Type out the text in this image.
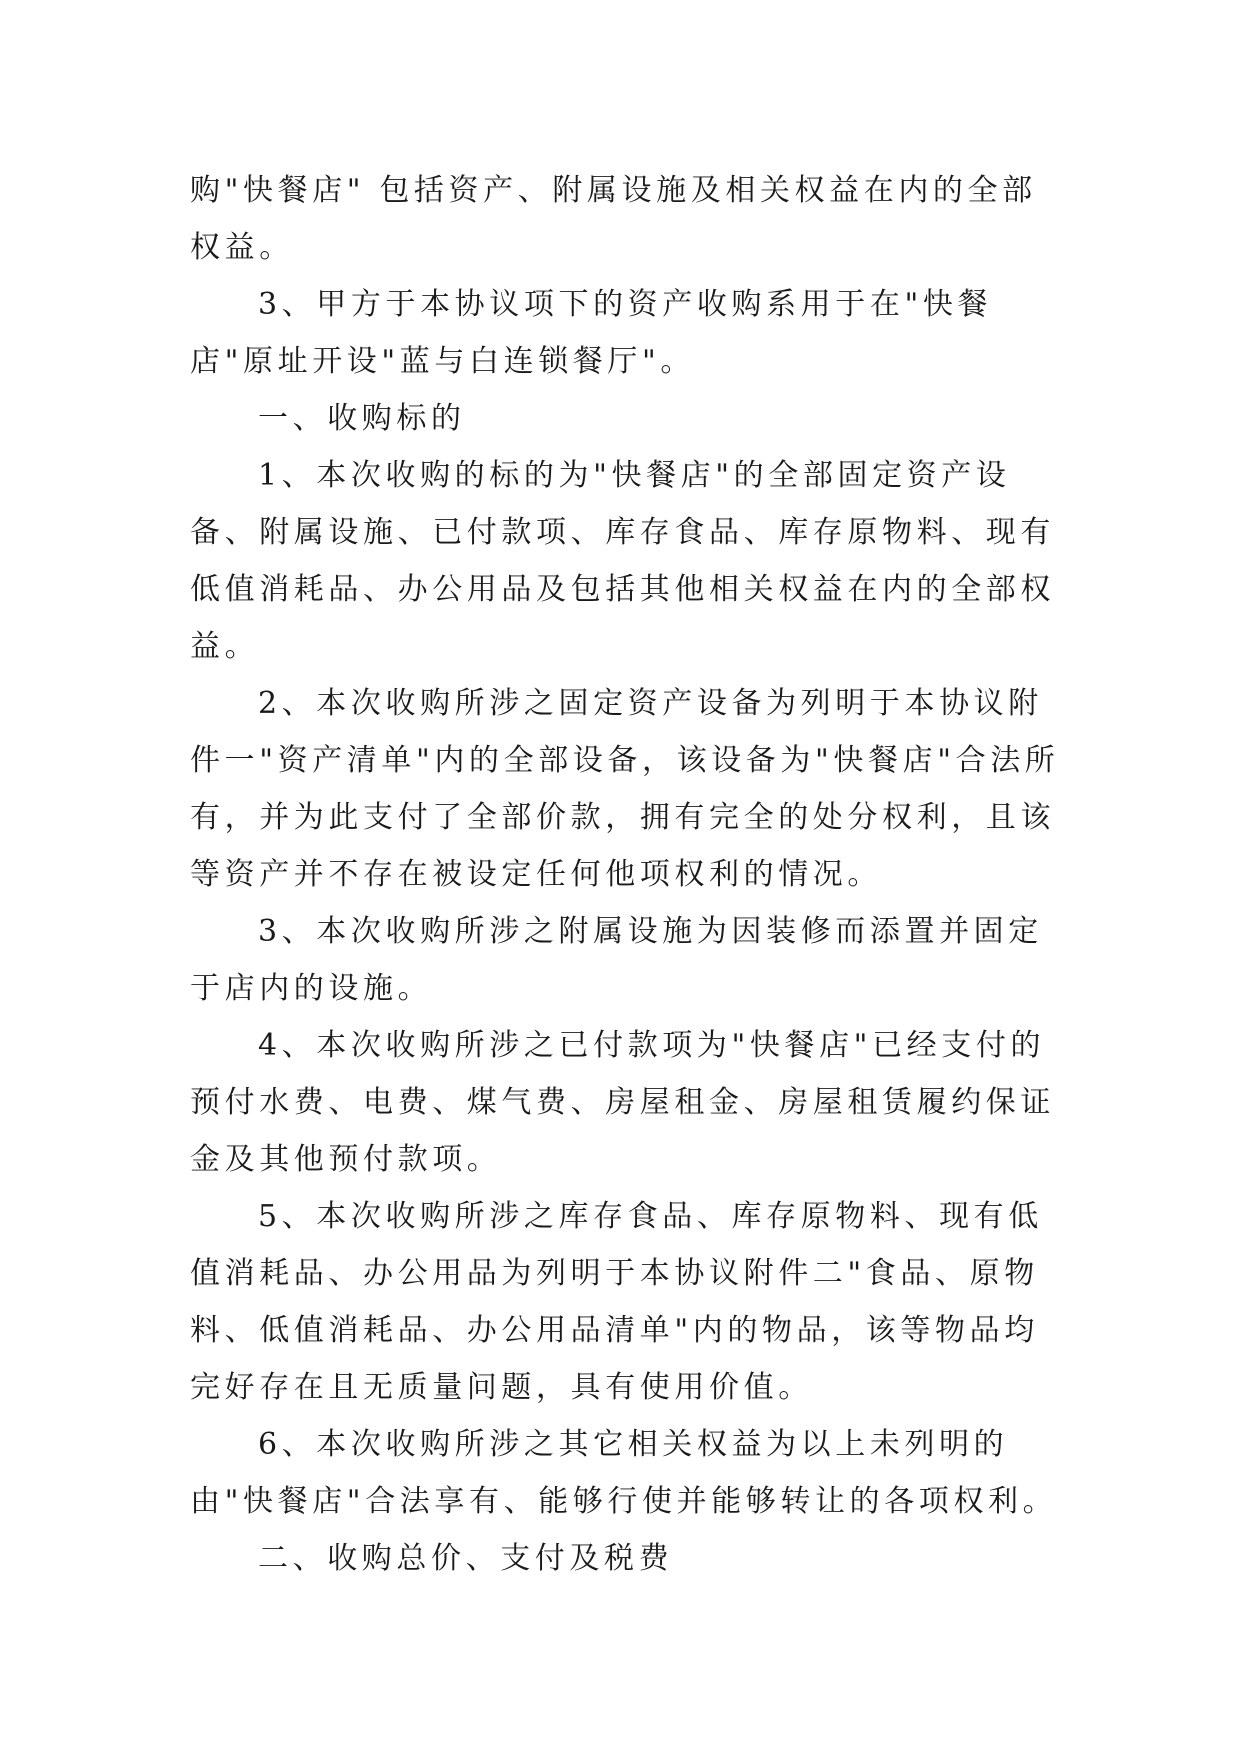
购"快餐店" 包括资产、附属设施及相关权益在内的全部权益。

3、甲方于本协议项下的资产收购系用于在"快餐店"原址开设"蓝与白连锁餐厅"。

一、收购标的

1、本次收购的标的为"快餐店"的全部固定资产设备、附属设施、已付款项、库存食品、库存原物料、现有低值消耗品、办公用品及包括其他相关权益在内的全部权益。

2、本次收购所涉之固定资产设备为列明于本协议附件一"资产清单"内的全部设备，该设备为"快餐店"合法所有，并为此支付了全部价款，拥有完全的处分权利，且该等资产并不存在被设定任何他项权利的情况。

3、本次收购所涉之附属设施为因装修而添置并固定于店内的设施。

4、本次收购所涉之已付款项为"快餐店"已经支付的预付水费、电费、煤气费、房屋租金、房屋租赁履约保证金及其他预付款项。

5、本次收购所涉之库存食品、库存原物料、现有低值消耗品、办公用品为列明于本协议附件二"食品、原物料、低值消耗品、办公用品清单"内的物品，该等物品均完好存在且无质量问题，具有使用价值。

6、本次收购所涉之其它相关权益为以上未列明的由"快餐店"合法享有、能够行使并能够转让的各项权利。

二、收购总价、支付及税费
